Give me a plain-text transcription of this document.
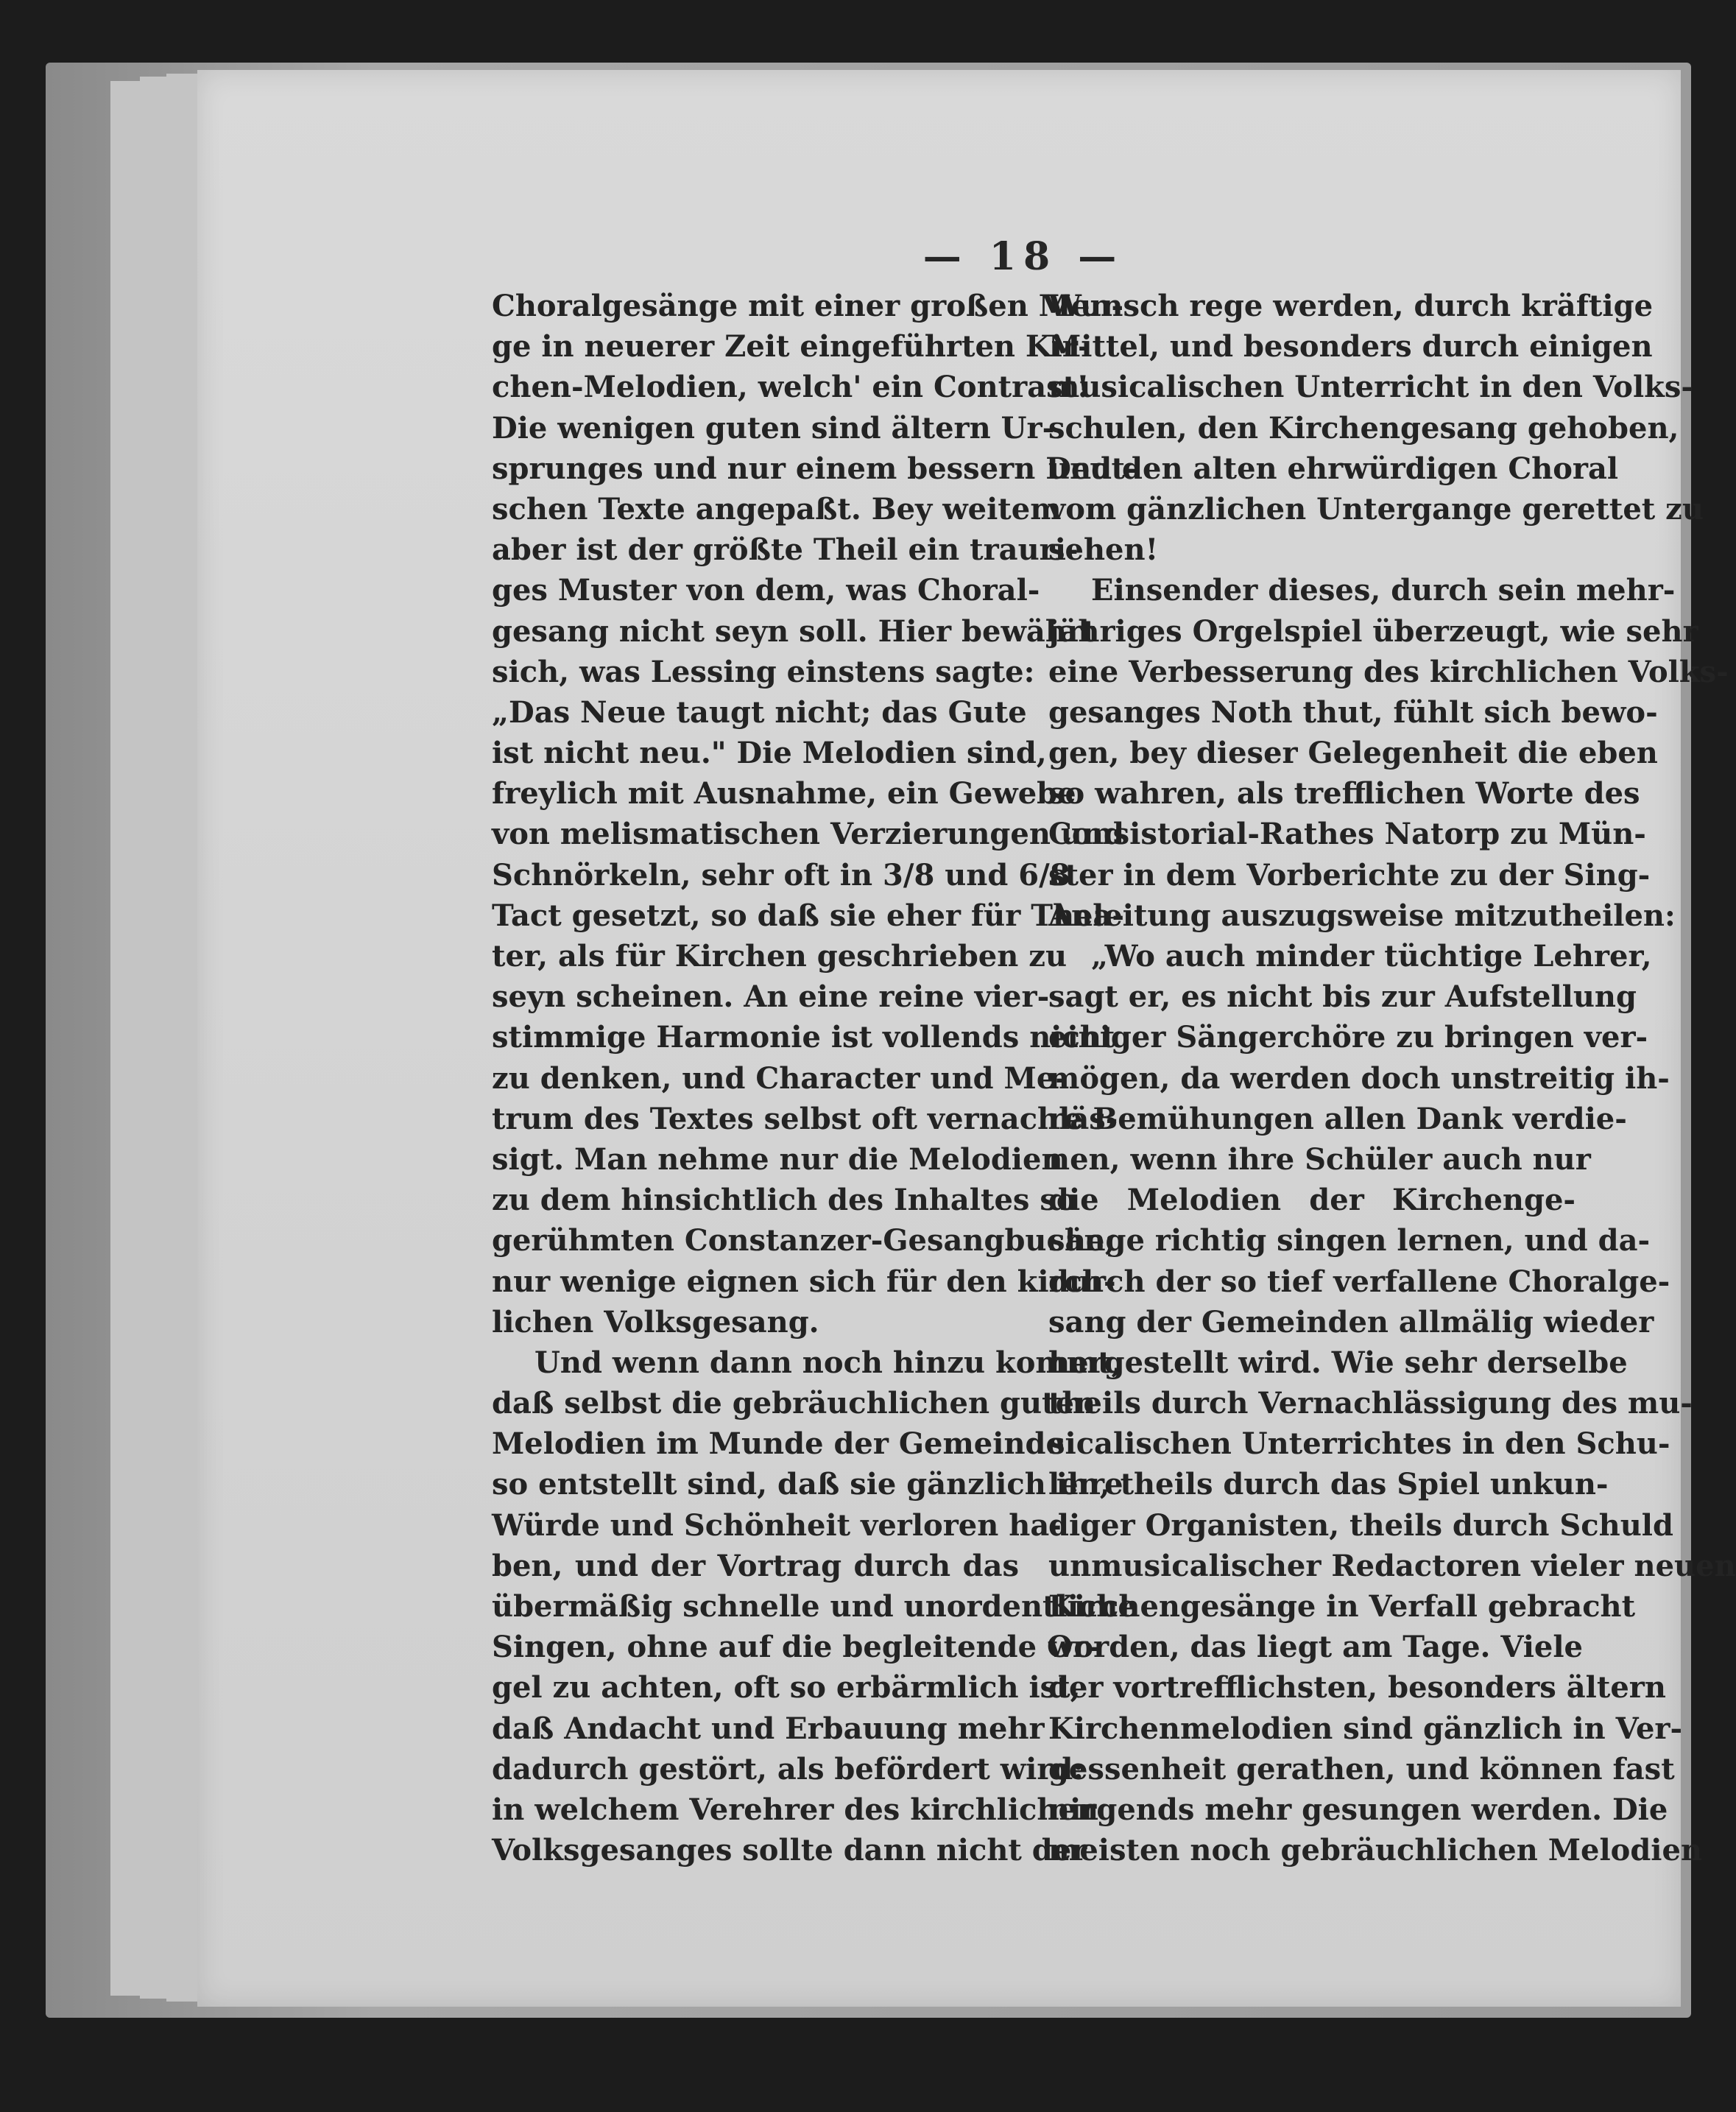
— 18 —
Choralgesänge mit einer großen Men-
ge in neuerer Zeit eingeführten Kir-
chen-Melodien, welch' ein Contrast!
Die wenigen guten sind ältern Ur-
sprunges und nur einem bessern Deut-
schen Texte angepaßt. Bey weitem
aber ist der größte Theil ein trauri-
ges Muster von dem, was Choral-
gesang nicht seyn soll. Hier bewährt
sich, was Lessing einstens sagte:
„Das Neue taugt nicht; das Gute
ist nicht neu." Die Melodien sind,
freylich mit Ausnahme, ein Gewebe
von melismatischen Verzierungen und
Schnörkeln, sehr oft in 3/8 und 6/8
Tact gesetzt, so daß sie eher für Thea-
ter, als für Kirchen geschrieben zu
seyn scheinen. An eine reine vier-
stimmige Harmonie ist vollends nicht
zu denken, und Character und Me-
trum des Textes selbst oft vernachläs-
sigt. Man nehme nur die Melodien
zu dem hinsichtlich des Inhaltes so
gerühmten Constanzer-Gesangbuche;
nur wenige eignen sich für den kirch-
lichen Volksgesang.
Und wenn dann noch hinzu kommt,
daß selbst die gebräuchlichen guten
Melodien im Munde der Gemeinde
so entstellt sind, daß sie gänzlich ihre
Würde und Schönheit verloren ha-
ben, und der Vortrag durch das
übermäßig schnelle und unordentliche
Singen, ohne auf die begleitende Or-
gel zu achten, oft so erbärmlich ist,
daß Andacht und Erbauung mehr
dadurch gestört, als befördert wird:
in welchem Verehrer des kirchlichen
Volksgesanges sollte dann nicht der
Wunsch rege werden, durch kräftige
Mittel, und besonders durch einigen
musicalischen Unterricht in den Volks-
schulen, den Kirchengesang gehoben,
und den alten ehrwürdigen Choral
vom gänzlichen Untergange gerettet zu
sehen!
Einsender dieses, durch sein mehr-
jähriges Orgelspiel überzeugt, wie sehr
eine Verbesserung des kirchlichen Volks-
gesanges Noth thut, fühlt sich bewo-
gen, bey dieser Gelegenheit die eben
so wahren, als trefflichen Worte des
Consistorial-Rathes Natorp zu Mün-
ster in dem Vorberichte zu der Sing-
Anleitung auszugsweise mitzutheilen:
„Wo auch minder tüchtige Lehrer,
sagt er, es nicht bis zur Aufstellung
einiger Sängerchöre zu bringen ver-
mögen, da werden doch unstreitig ih-
re Bemühungen allen Dank verdie-
nen, wenn ihre Schüler auch nur
die Melodien der Kirchenge-
sänge richtig singen lernen, und da-
durch der so tief verfallene Choralge-
sang der Gemeinden allmälig wieder
hergestellt wird. Wie sehr derselbe
theils durch Vernachlässigung des mu-
sicalischen Unterrichtes in den Schu-
len, theils durch das Spiel unkun-
diger Organisten, theils durch Schuld
unmusicalischer Redactoren vieler neuen
Kirchengesänge in Verfall gebracht
worden, das liegt am Tage. Viele
der vortrefflichsten, besonders ältern
Kirchenmelodien sind gänzlich in Ver-
gessenheit gerathen, und können fast
nirgends mehr gesungen werden. Die
meisten noch gebräuchlichen Melodien
